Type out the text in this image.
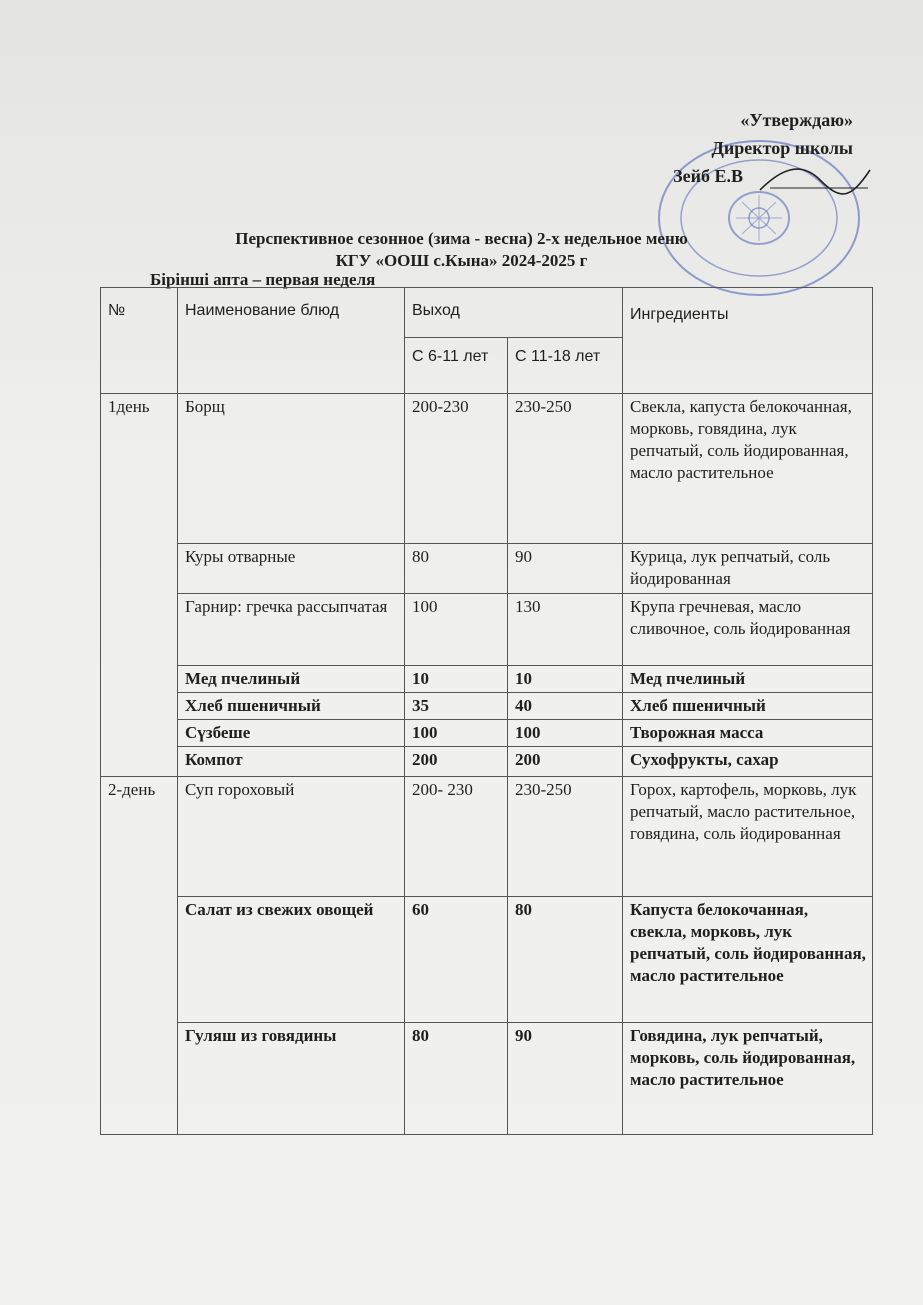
«Утверждаю»
Директор школы
Зейб Е.В
Перспективное сезонное (зима - весна) 2-х недельное меню
КГУ «ООШ с.Кына» 2024-2025 г
Бірінші апта – первая неделя
№	Наименование блюд	Выход		Ингредиенты
		С 6-11 лет	С 11-18 лет	
1день	Борщ	200-230	230-250	Свекла, капуста белокочанная, морковь, говядина, лук репчатый, соль йодированная, масло растительное
	Куры отварные	80	90	Курица, лук репчатый, соль йодированная
	Гарнир: гречка рассыпчатая	100	130	Крупа гречневая, масло сливочное, соль йодированная
	Мед пчелиный	10	10	Мед пчелиный
	Хлеб пшеничный	35	40	Хлеб пшеничный
	Сүзбеше	100	100	Творожная масса
	Компот	200	200	Сухофрукты, сахар
2-день	Суп гороховый	200- 230	230-250	Горох, картофель, морковь, лук репчатый, масло растительное, говядина, соль йодированная
	Салат из свежих овощей	60	80	Капуста белокочанная, свекла, морковь, лук репчатый, соль йодированная, масло растительное
	Гуляш из говядины	80	90	Говядина, лук репчатый, морковь, соль йодированная, масло растительное
